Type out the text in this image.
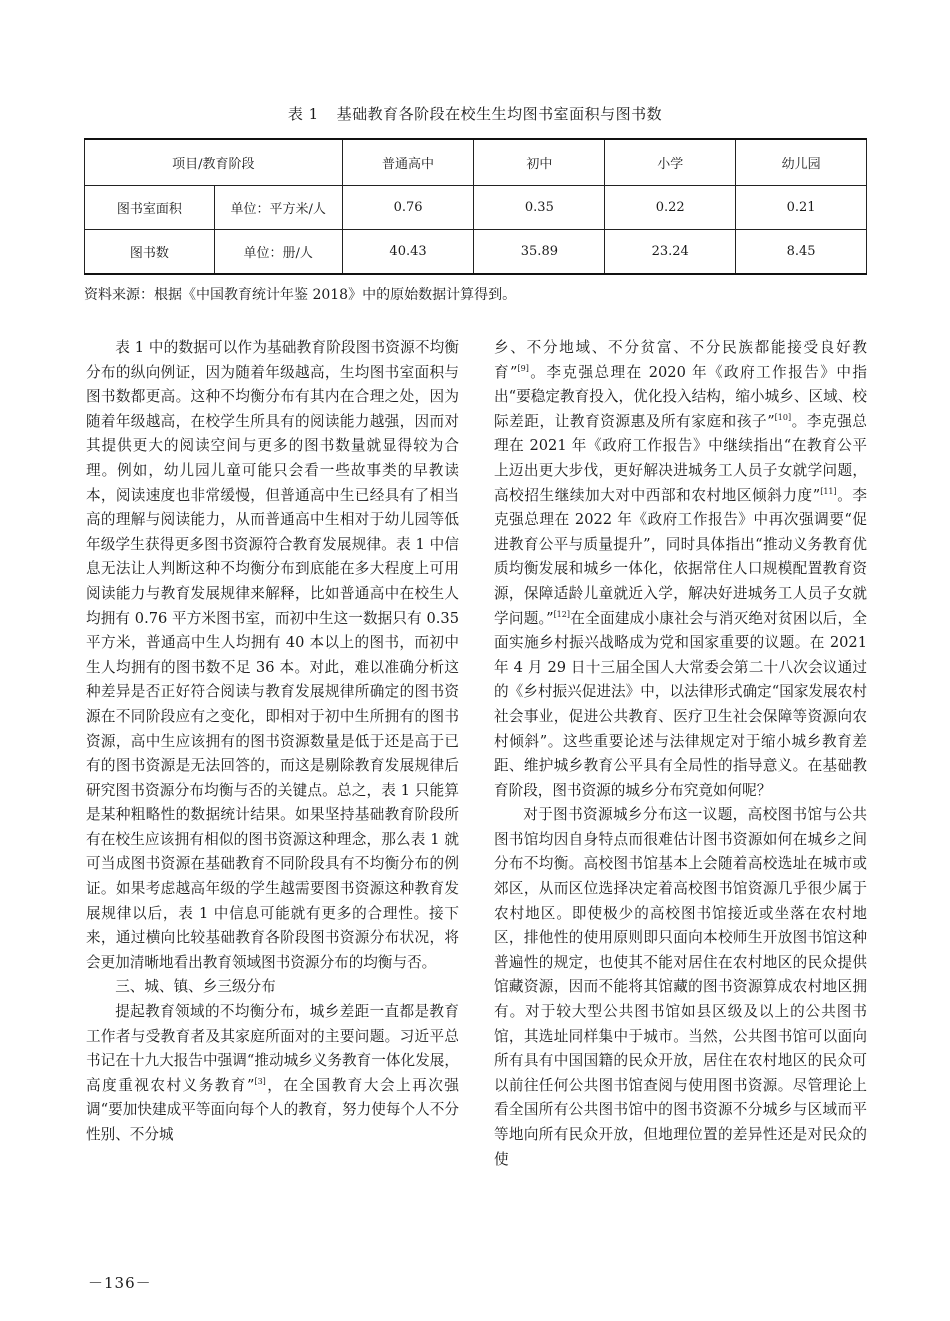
表 1 基础教育各阶段在校生生均图书室面积与图书数
项目/教育阶段		普通高中	初中	小学	幼儿园
图书室面积	单位：平方米/人	0.76	0.35	0.22	0.21
图书数	单位：册/人	40.43	35.89	23.24	8.45
资料来源：根据《中国教育统计年鉴 2018》中的原始数据计算得到。

表 1 中的数据可以作为基础教育阶段图书资源不均衡分布的纵向例证，因为随着年级越高，生均图书室面积与图书数都更高。这种不均衡分布有其内在合理之处，因为随着年级越高，在校学生所具有的阅读能力越强，因而对其提供更大的阅读空间与更多的图书数量就显得较为合理。例如，幼儿园儿童可能只会看一些故事类的早教读本，阅读速度也非常缓慢，但普通高中生已经具有了相当高的理解与阅读能力，从而普通高中生相对于幼儿园等低年级学生获得更多图书资源符合教育发展规律。表 1 中信息无法让人判断这种不均衡分布到底能在多大程度上可用阅读能力与教育发展规律来解释，比如普通高中在校生人均拥有 0.76 平方米图书室，而初中生这一数据只有 0.35 平方米，普通高中生人均拥有 40 本以上的图书，而初中生人均拥有的图书数不足 36 本。对此，难以准确分析这种差异是否正好符合阅读与教育发展规律所确定的图书资源在不同阶段应有之变化，即相对于初中生所拥有的图书资源，高中生应该拥有的图书资源数量是低于还是高于已有的图书资源是无法回答的，而这是剔除教育发展规律后研究图书资源分布均衡与否的关键点。总之，表 1 只能算是某种粗略性的数据统计结果。如果坚持基础教育阶段所有在校生应该拥有相似的图书资源这种理念，那么表 1 就可当成图书资源在基础教育不同阶段具有不均衡分布的例证。如果考虑越高年级的学生越需要图书资源这种教育发展规律以后，表 1 中信息可能就有更多的合理性。接下来，通过横向比较基础教育各阶段图书资源分布状况，将会更加清晰地看出教育领域图书资源分布的均衡与否。

三、城、镇、乡三级分布

提起教育领域的不均衡分布，城乡差距一直都是教育工作者与受教育者及其家庭所面对的主要问题。习近平总书记在十九大报告中强调“推动城乡义务教育一体化发展，高度重视农村义务教育”[3]，在全国教育大会上再次强调“要加快建成平等面向每个人的教育，努力使每个人不分性别、不分城

乡、不分地域、不分贫富、不分民族都能接受良好教育”[9]。李克强总理在 2020 年《政府工作报告》中指出“要稳定教育投入，优化投入结构，缩小城乡、区域、校际差距，让教育资源惠及所有家庭和孩子”[10]。李克强总理在 2021 年《政府工作报告》中继续指出“在教育公平上迈出更大步伐，更好解决进城务工人员子女就学问题，高校招生继续加大对中西部和农村地区倾斜力度”[11]。李克强总理在 2022 年《政府工作报告》中再次强调要“促进教育公平与质量提升”，同时具体指出“推动义务教育优质均衡发展和城乡一体化，依据常住人口规模配置教育资源，保障适龄儿童就近入学，解决好进城务工人员子女就学问题。”[12]在全面建成小康社会与消灭绝对贫困以后，全面实施乡村振兴战略成为党和国家重要的议题。在 2021 年 4 月 29 日十三届全国人大常委会第二十八次会议通过的《乡村振兴促进法》中，以法律形式确定“国家发展农村社会事业，促进公共教育、医疗卫生社会保障等资源向农村倾斜”。这些重要论述与法律规定对于缩小城乡教育差距、维护城乡教育公平具有全局性的指导意义。在基础教育阶段，图书资源的城乡分布究竟如何呢？

对于图书资源城乡分布这一议题，高校图书馆与公共图书馆均因自身特点而很难估计图书资源如何在城乡之间分布不均衡。高校图书馆基本上会随着高校选址在城市或郊区，从而区位选择决定着高校图书馆资源几乎很少属于农村地区。即使极少的高校图书馆接近或坐落在农村地区，排他性的使用原则即只面向本校师生开放图书馆这种普遍性的规定，也使其不能对居住在农村地区的民众提供馆藏资源，因而不能将其馆藏的图书资源算成农村地区拥有。对于较大型公共图书馆如县区级及以上的公共图书馆，其选址同样集中于城市。当然，公共图书馆可以面向所有具有中国国籍的民众开放，居住在农村地区的民众可以前往任何公共图书馆查阅与使用图书资源。尽管理论上看全国所有公共图书馆中的图书资源不分城乡与区域而平等地向所有民众开放，但地理位置的差异性还是对民众的使

－136－
